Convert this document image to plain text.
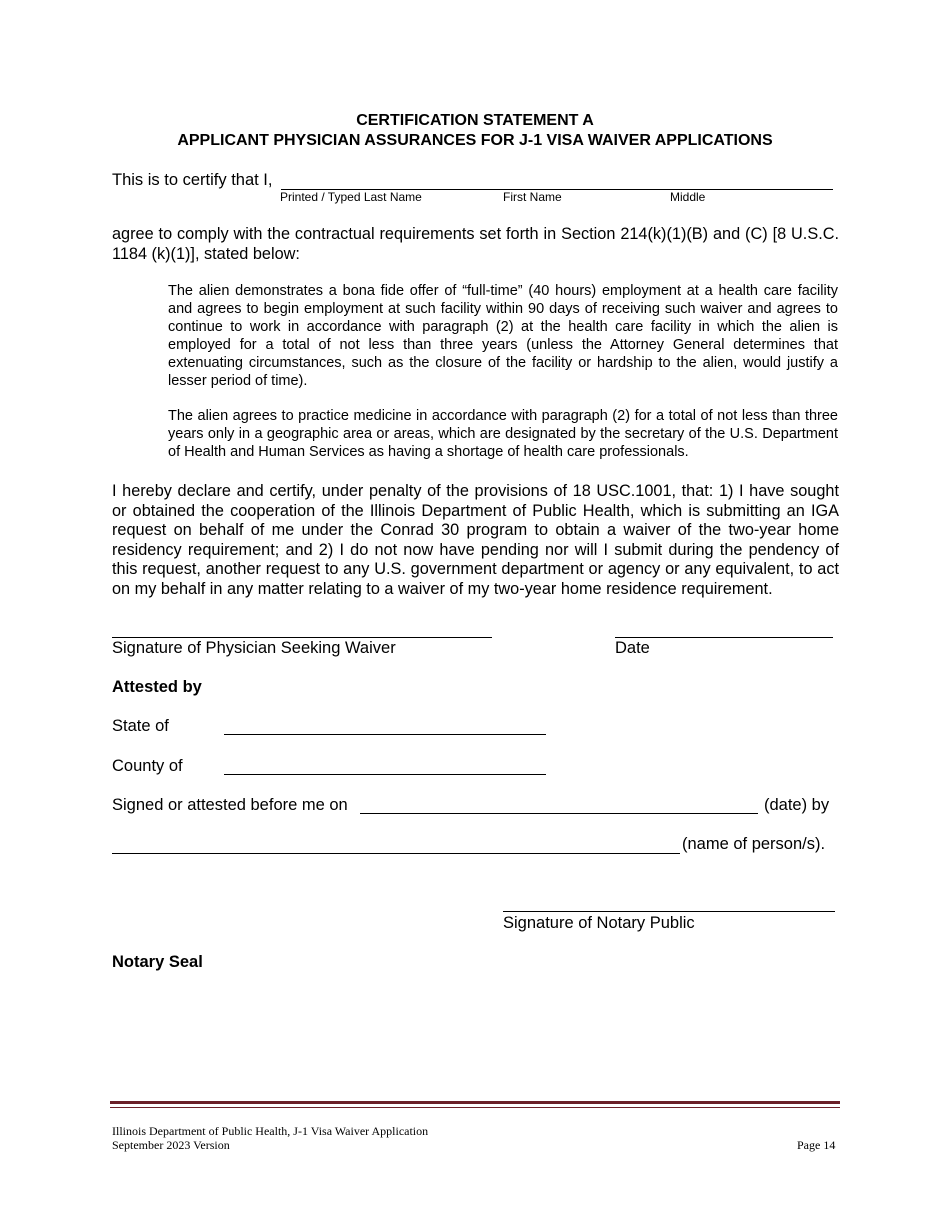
CERTIFICATION STATEMENT A
APPLICANT PHYSICIAN ASSURANCES FOR J-1 VISA WAIVER APPLICATIONS
This is to certify that I,
Printed / Typed Last Name	First Name	Middle
agree to comply with the contractual requirements set forth in Section 214(k)(1)(B) and (C) [8 U.S.C. 1184 (k)(1)], stated below:
The alien demonstrates a bona fide offer of “full-time” (40 hours) employment at a health care facility and agrees to begin employment at such facility within 90 days of receiving such waiver and agrees to continue to work in accordance with paragraph (2) at the health care facility in which the alien is employed for a total of not less than three years (unless the Attorney General determines that extenuating circumstances, such as the closure of the facility or hardship to the alien, would justify a lesser period of time).
The alien agrees to practice medicine in accordance with paragraph (2) for a total of not less than three years only in a geographic area or areas, which are designated by the secretary of the U.S. Department of Health and Human Services as having a shortage of health care professionals.
I hereby declare and certify, under penalty of the provisions of 18 USC.1001, that: 1) I have sought or obtained the cooperation of the Illinois Department of Public Health, which is submitting an IGA request on behalf of me under the Conrad 30 program to obtain a waiver of the two-year home residency requirement; and 2) I do not now have pending nor will I submit during the pendency of this request, another request to any U.S. government department or agency or any equivalent, to act on my behalf in any matter relating to a waiver of my two-year home residence requirement.
Signature of Physician Seeking Waiver	Date
Attested by
State of
County of
Signed or attested before me on	(date) by
(name of person/s).
Signature of Notary Public
Notary Seal
Illinois Department of Public Health, J-1 Visa Waiver Application
September 2023 Version	Page 14
